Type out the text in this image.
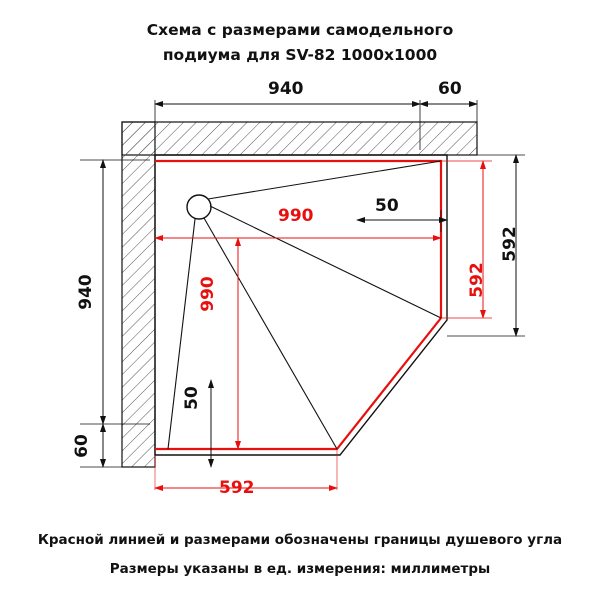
Схема с размерами самодельного
подиума для SV-82 1000x1000
940	60
940
60
592
592
990
990
50
50
592
Красной линией и размерами обозначены границы душевого угла
Размеры указаны в ед. измерения: миллиметры
